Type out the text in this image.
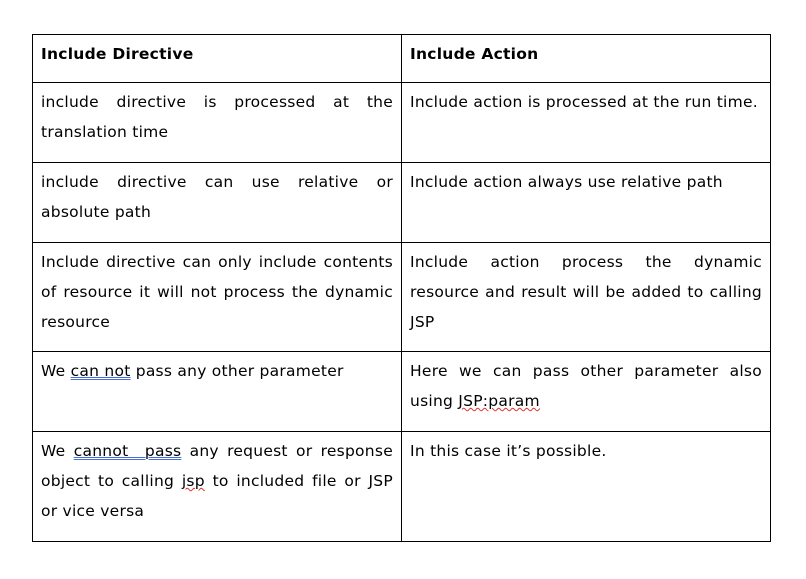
Include Directive	Include Action
include directive is processed at the translation time	Include action is processed at the run time.
include directive can use relative or absolute path	Include action always use relative path
Include directive can only include contents of resource it will not process the dynamic resource	Include action process the dynamic resource and result will be added to calling JSP
We can not pass any other parameter	Here we can pass other parameter also using JSP:param
We cannot  pass any request or response object to calling jsp to included file or JSP or vice versa	In this case it’s possible.
